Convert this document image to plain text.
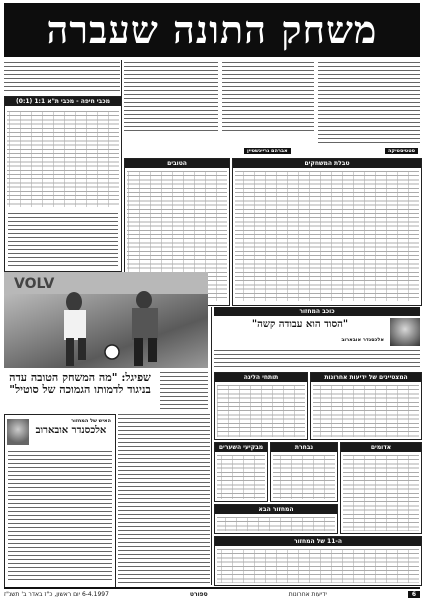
משחק התונה שעברה
סטטיסטיקה
אברהם גריינשטיין
טבלת המשחקים
הטובים
מכבי חיפה - מכבי ת"א 1:1 (0:1)
VOLV
שפיגל: "מה המשחק הטובה עדה בניגוד לדמותו הגמוכה של סוטיל"
כוכב המחזור
"הסוד הוא עבודה קשה"
אלכסנדר אובארוב
המצטיינים של ידיעות אחרונות
תותחי הליגה
האיש של המחזור
אלכסנדר אובארוב
נבחרת
מבקיעי השערים	אדומים
המחזור הבא
ה-11 של המחזור
6
ידיעות אחרונות
ספורט
6-4.1997 יום ראשון, כ"ז באדר ב' תשנ"ז
